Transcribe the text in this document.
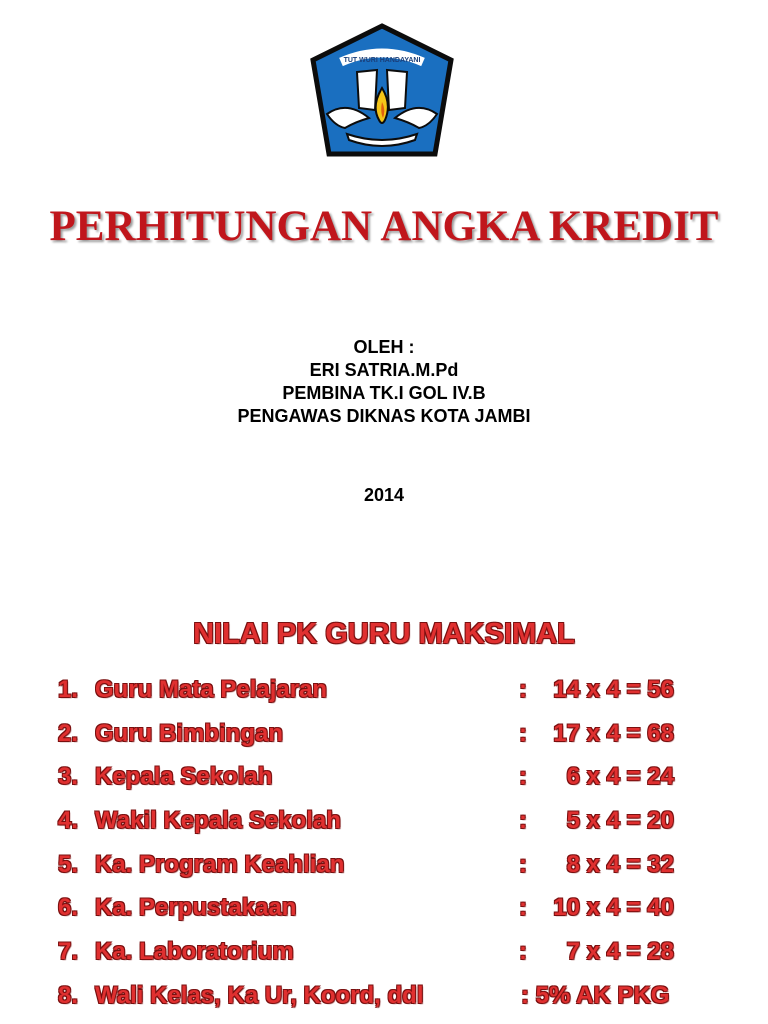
TUT WURI HANDAYANI
PERHITUNGAN ANGKA KREDIT
OLEH :
ERI SATRIA.M.Pd
PEMBINA TK.I GOL IV.B
PENGAWAS DIKNAS KOTA JAMBI
2014
NILAI PK GURU MAKSIMAL
1. Guru Mata Pelajaran	: 14 x 4 = 56
2. Guru Bimbingan	: 17 x 4 = 68
3. Kepala Sekolah	: 6 x 4 = 24
4. Wakil Kepala Sekolah	: 5 x 4 = 20
5. Ka. Program Keahlian	: 8 x 4 = 32
6. Ka. Perpustakaan	: 10 x 4 = 40
7. Ka. Laboratorium	: 7 x 4 = 28
8. Wali Kelas, Ka Ur, Koord, ddl	: 5% AK PKG
